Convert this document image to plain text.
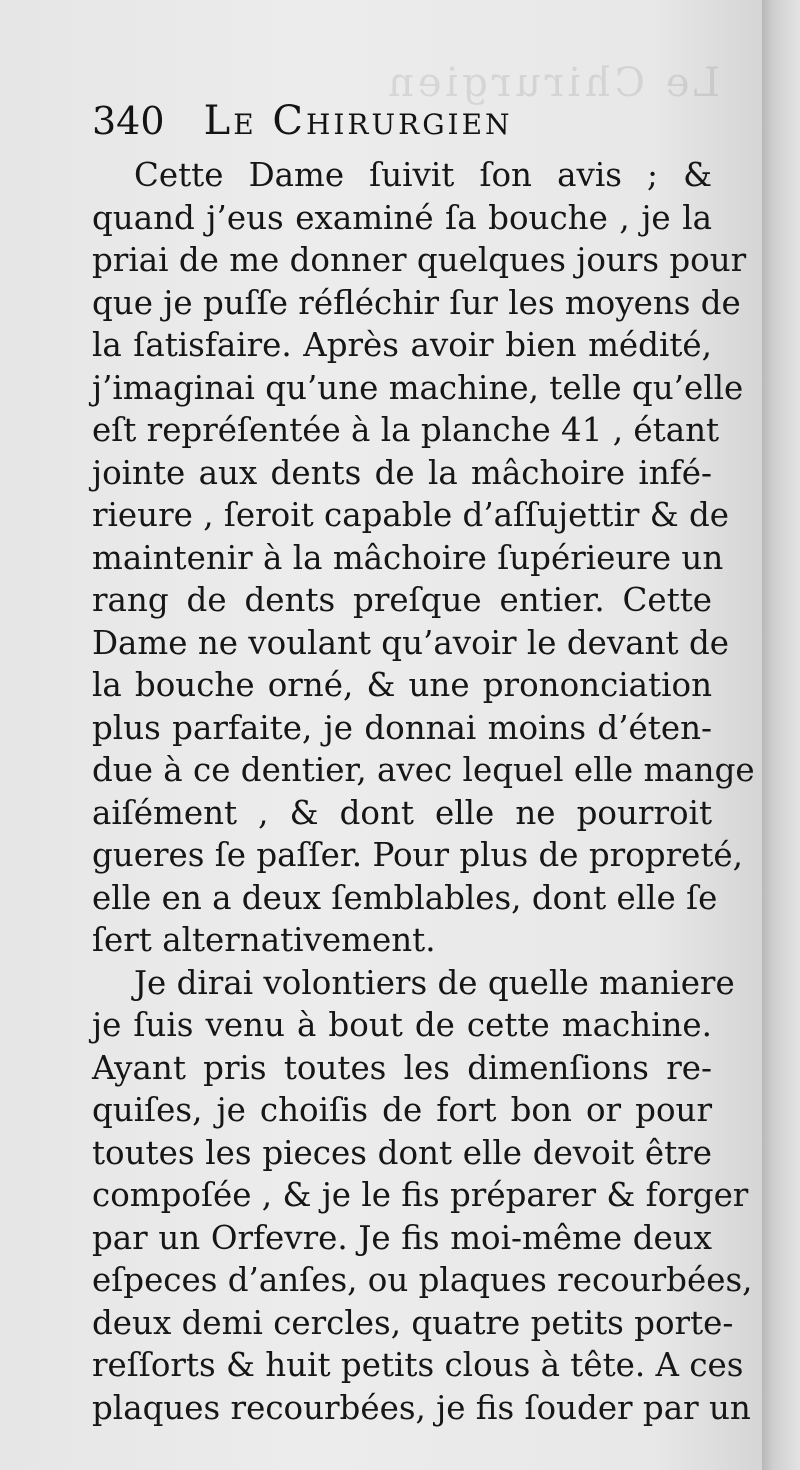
Le Chirurgien
340 Le Chirurgien
Cette Dame ſuivit ſon avis ; &
quand j’eus examiné ſa bouche , je la
priai de me donner quelques jours pour
que je puſſe réfléchir ſur les moyens de
la ſatisfaire. Après avoir bien médité,
j’imaginai qu’une machine, telle qu’elle
eſt repréſentée à la planche 41 , étant
jointe aux dents de la mâchoire infé-
rieure , ſeroit capable d’aſſujettir & de
maintenir à la mâchoire ſupérieure un
rang de dents preſque entier. Cette
Dame ne voulant qu’avoir le devant de
la bouche orné, & une prononciation
plus parfaite, je donnai moins d’éten-
due à ce dentier, avec lequel elle mange
aiſément , & dont elle ne pourroit
gueres ſe paſſer. Pour plus de propreté,
elle en a deux ſemblables, dont elle ſe
ſert alternativement.
Je dirai volontiers de quelle maniere
je ſuis venu à bout de cette machine.
Ayant pris toutes les dimenſions re-
quiſes, je choiſis de fort bon or pour
toutes les pieces dont elle devoit être
compoſée , & je le fis préparer & forger
par un Orfevre. Je fis moi-même deux
eſpeces d’anſes, ou plaques recourbées,
deux demi cercles, quatre petits porte-
reſſorts & huit petits clous à tête. A ces
plaques recourbées, je fis ſouder par un
